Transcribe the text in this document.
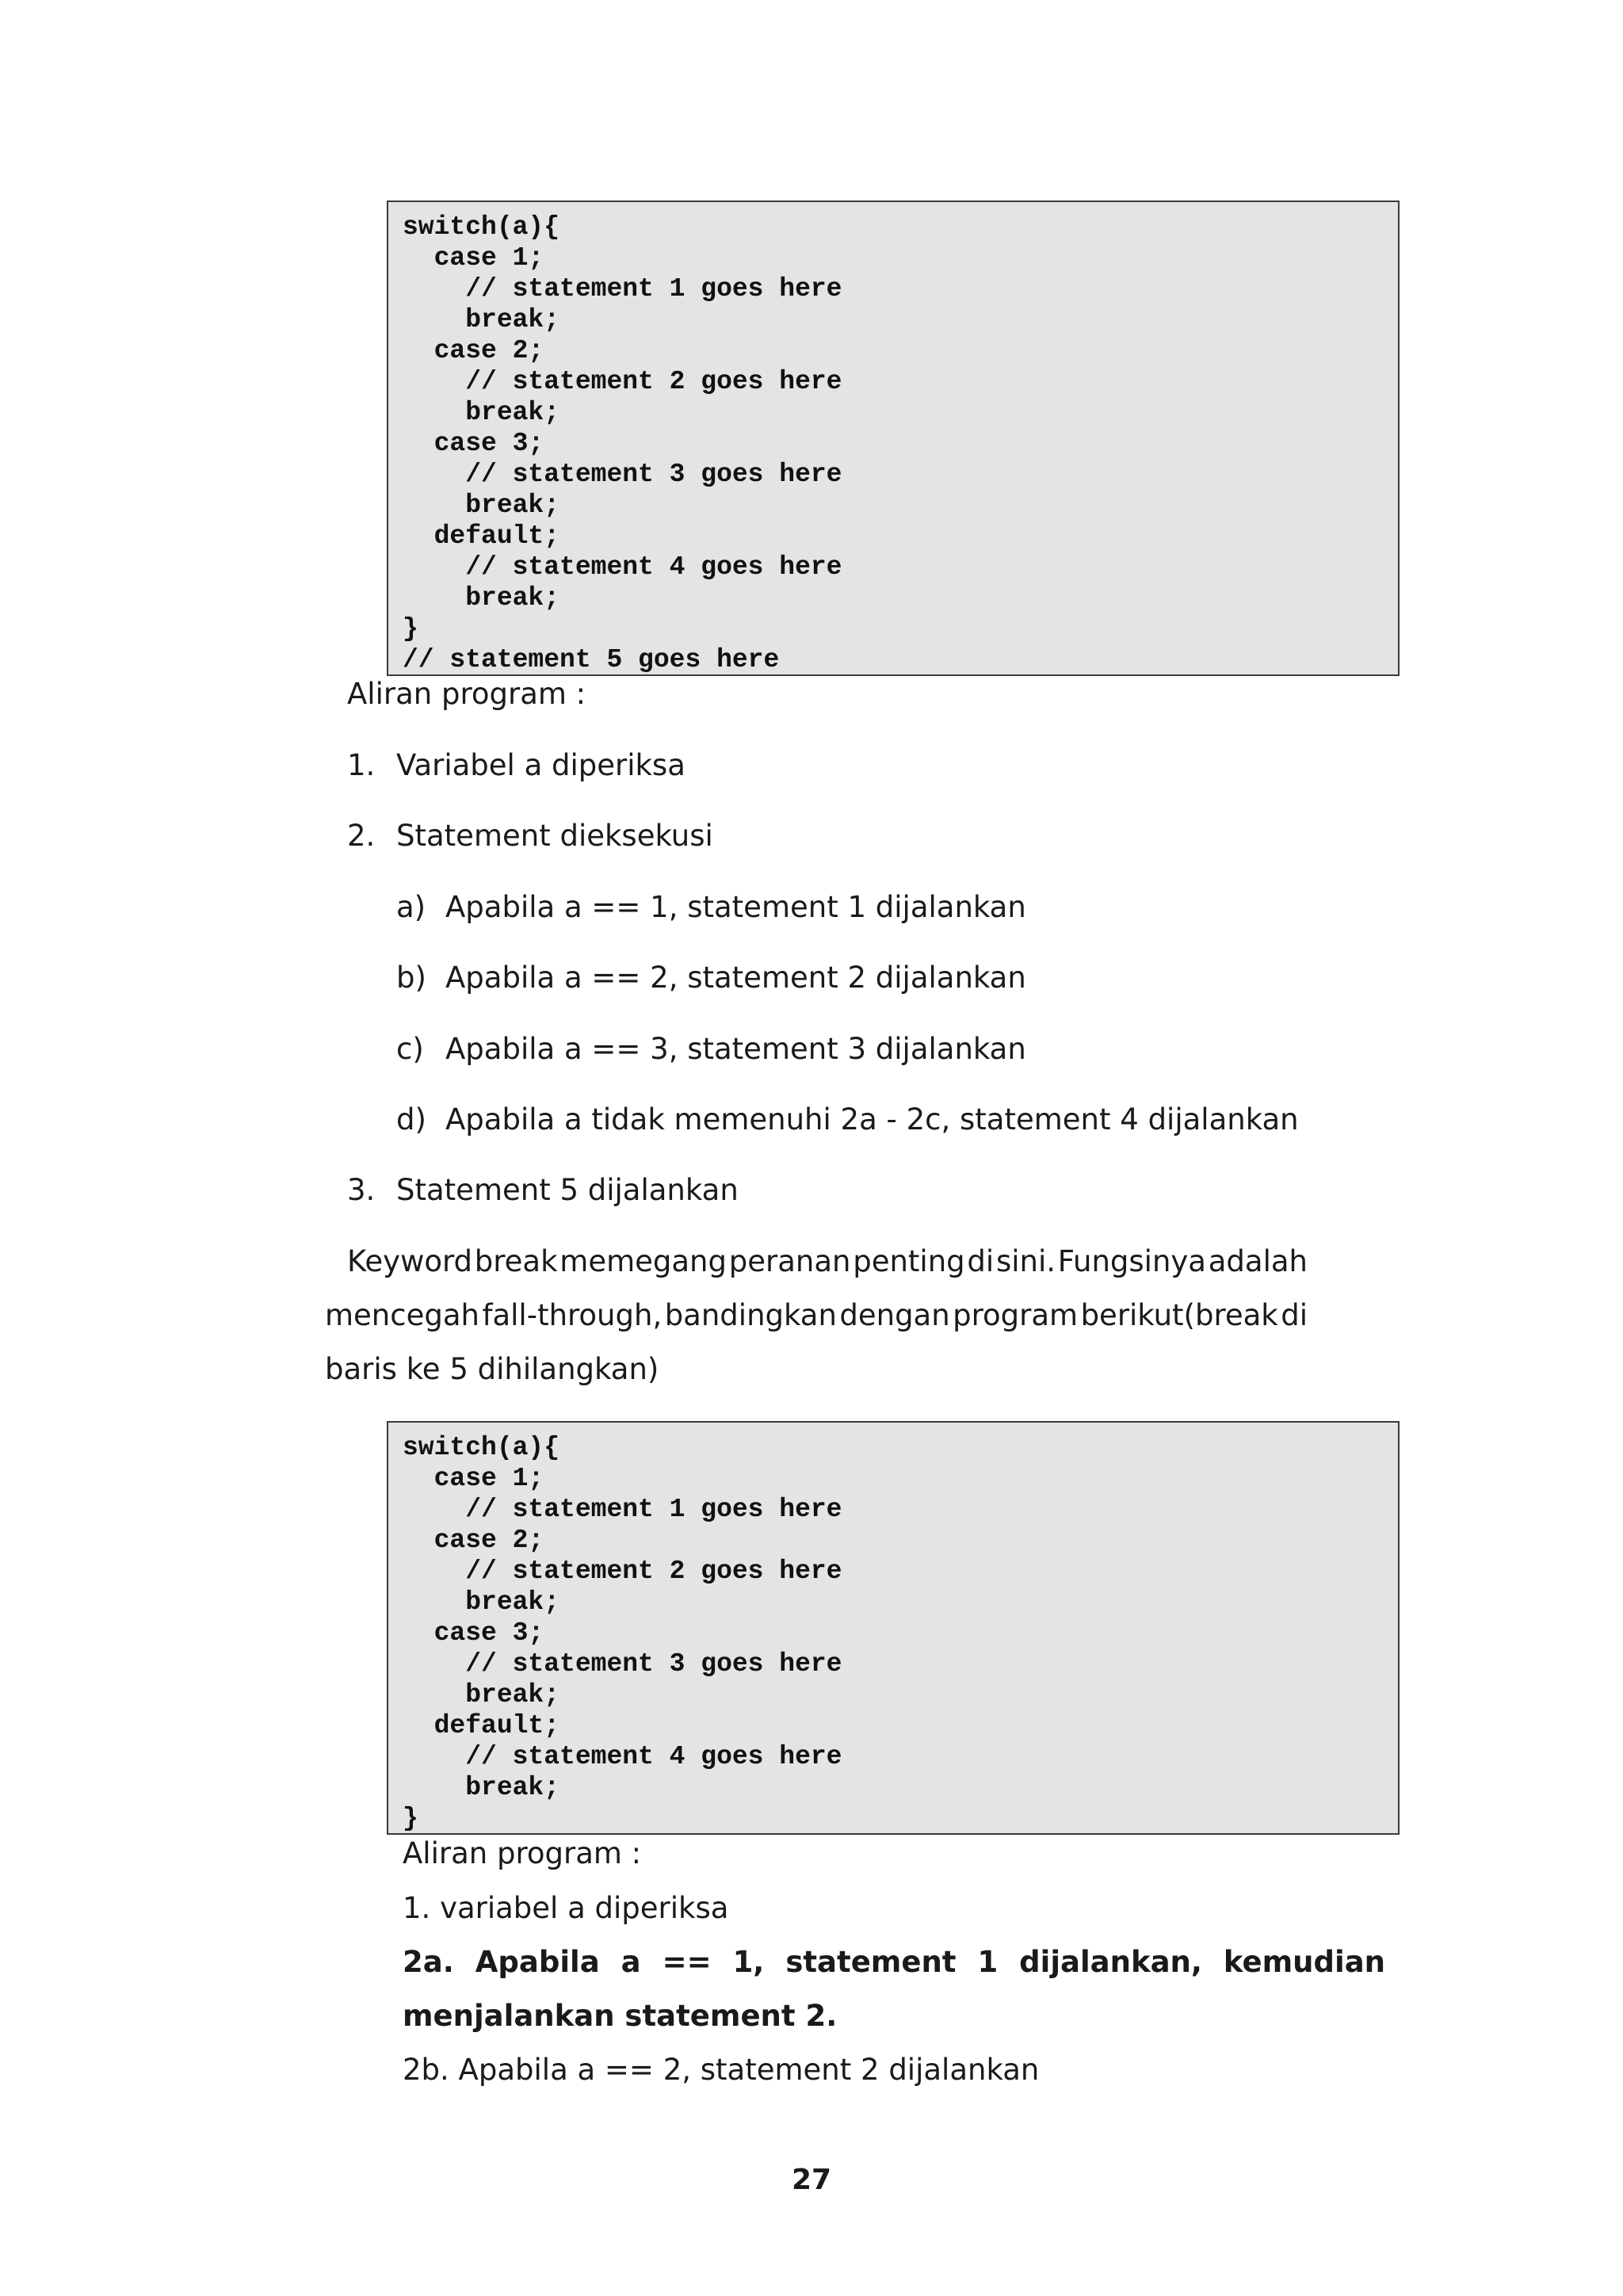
switch(a){
case 1;
// statement 1 goes here
break;
case 2;
// statement 2 goes here
break;
case 3;
// statement 3 goes here
break;
default;
// statement 4 goes here
break;
}
// statement 5 goes here
Aliran program :
1. Variabel a diperiksa
2. Statement dieksekusi
a) Apabila a == 1, statement 1 dijalankan
b) Apabila a == 2, statement 2 dijalankan
c) Apabila a == 3, statement 3 dijalankan
d) Apabila a tidak memenuhi 2a - 2c, statement 4 dijalankan
3. Statement 5 dijalankan
Keyword break memegang peranan penting di sini. Fungsinya adalah
mencegah fall-through, bandingkan dengan program berikut(break di
baris ke 5 dihilangkan)
switch(a){
case 1;
// statement 1 goes here
case 2;
// statement 2 goes here
break;
case 3;
// statement 3 goes here
break;
default;
// statement 4 goes here
break;
}
Aliran program :
1. variabel a diperiksa
2a. Apabila a == 1, statement 1 dijalankan, kemudian
menjalankan statement 2.
2b. Apabila a == 2, statement 2 dijalankan
27
